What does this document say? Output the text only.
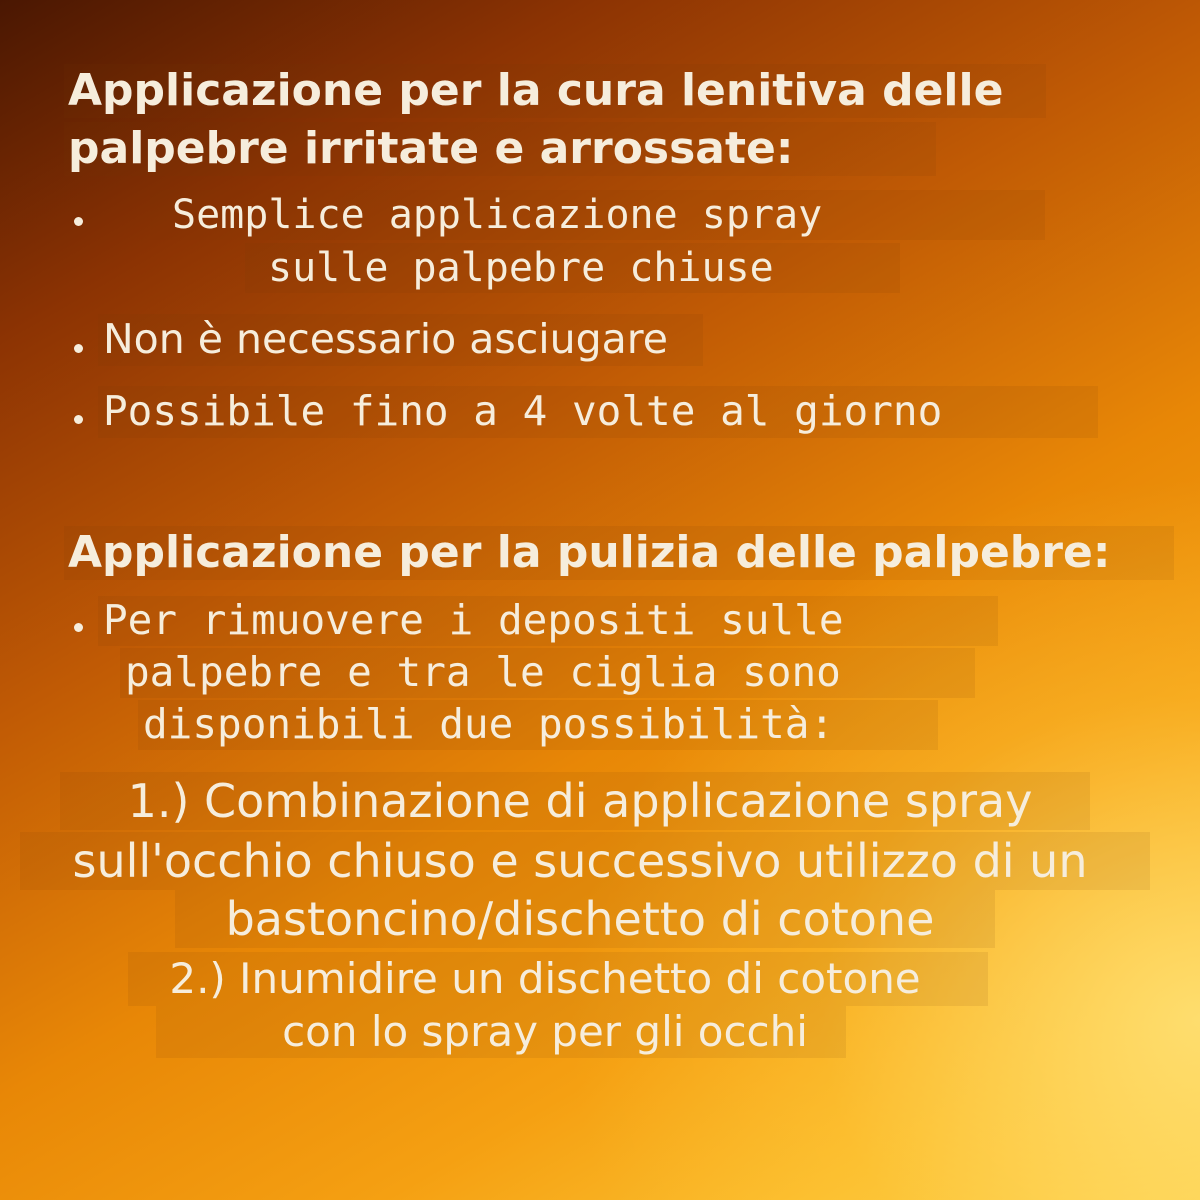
Applicazione per la cura lenitiva delle
palpebre irritate e arrossate:
Semplice applicazione spray
sulle palpebre chiuse
Non è necessario asciugare
Possibile fino a 4 volte al giorno
Applicazione per la pulizia delle palpebre:
Per rimuovere i depositi sulle
palpebre e tra le ciglia sono
disponibili due possibilità:
1.) Combinazione di applicazione spray
sull'occhio chiuso e successivo utilizzo di un
bastoncino/dischetto di cotone
2.) Inumidire un dischetto di cotone
con lo spray per gli occhi
